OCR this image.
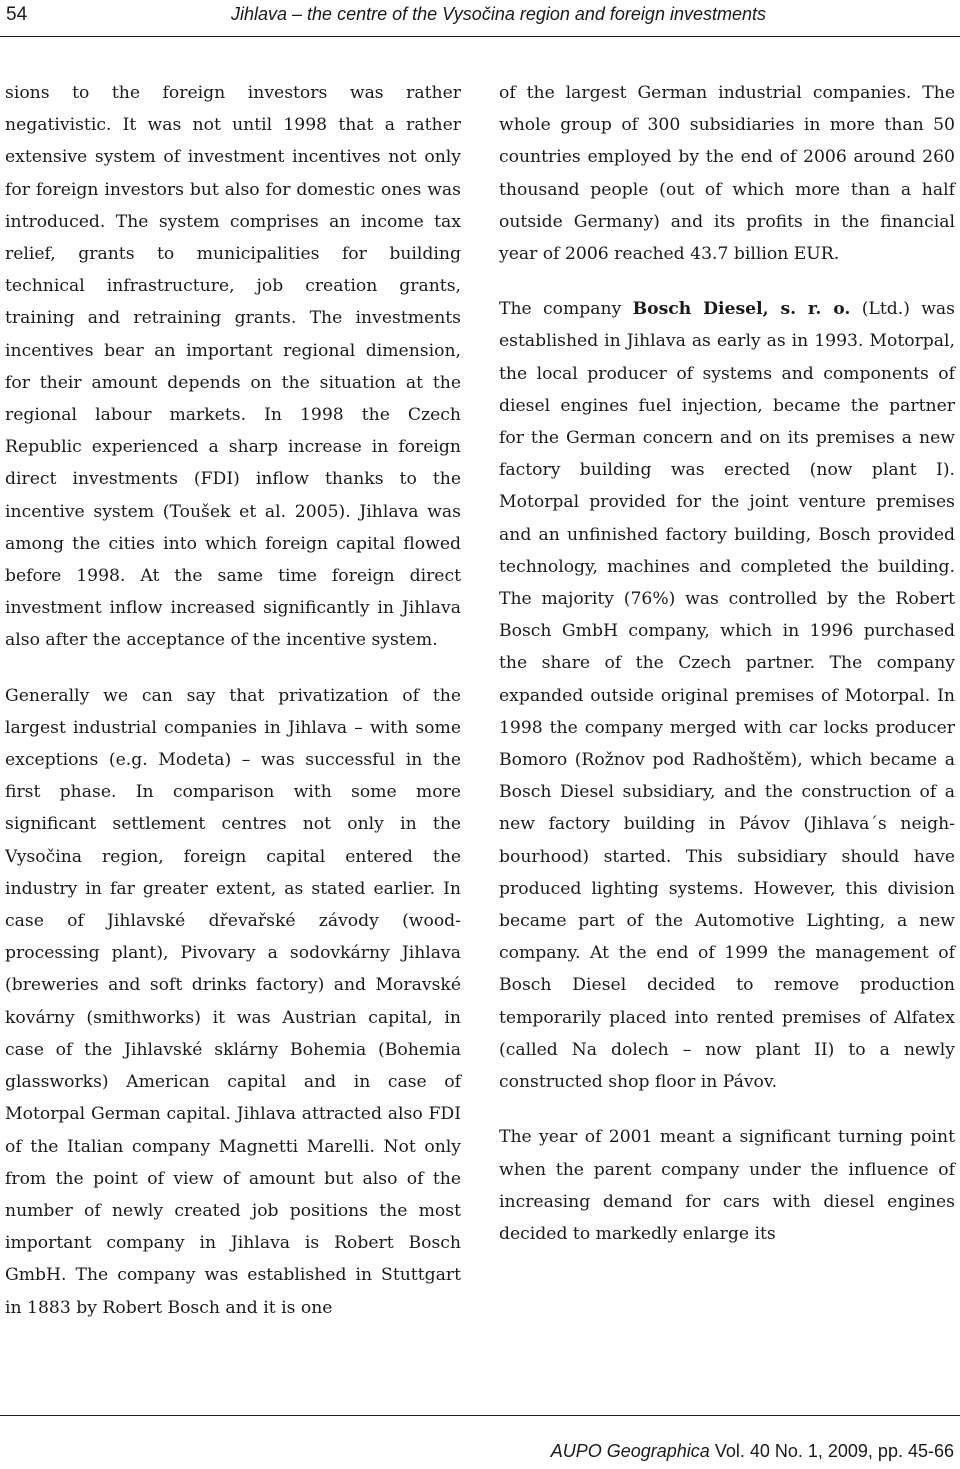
54	Jihlava – the centre of the Vysočina region and foreign investments

sions to the foreign investors was rather negativistic. It was not until 1998 that a rather extensive system of investment incentives not only for foreign investors but also for domestic ones was introduced. The system comprises an income tax relief, grants to municipalities for building technical infrastructure, job creation grants, training and retraining grants. The investments incentives bear an important regional dimension, for their amount depends on the situation at the regional labour markets. In 1998 the Czech Republic experienced a sharp increase in foreign direct investments (FDI) inflow thanks to the incentive system (Toušek et al. 2005). Jihlava was among the cities into which foreign capital flowed before 1998. At the same time foreign direct investment inflow increased significantly in Jihlava also after the acceptance of the incentive system.

Generally we can say that privatization of the largest industrial companies in Jihlava – with some exceptions (e.g. Modeta) – was successful in the first phase. In comparison with some more significant settlement centres not only in the Vysočina region, foreign capital entered the industry in far greater extent, as stated earlier. In case of Jihlavské dřevařské závody (wood-processing plant), Pivovary a sodovkárny Jihlava (breweries and soft drinks factory) and Moravské kovárny (smithworks) it was Austrian capital, in case of the Jihlavské sklárny Bohemia (Bohemia glassworks) American capital and in case of Motorpal German capital. Jihlava attracted also FDI of the Italian company Magnetti Marelli. Not only from the point of view of amount but also of the number of newly created job positions the most important company in Jihlava is Robert Bosch GmbH. The company was established in Stuttgart in 1883 by Robert Bosch and it is one

of the largest German industrial companies. The whole group of 300 subsidiaries in more than 50 countries employed by the end of 2006 around 260 thousand people (out of which more than a half outside Germany) and its profits in the financial year of 2006 reached 43.7 billion EUR.

The company Bosch Diesel, s. r. o. (Ltd.) was established in Jihlava as early as in 1993. Motorpal, the local producer of systems and components of diesel engines fuel injection, became the partner for the German concern and on its premises a new factory building was erected (now plant I). Motorpal provided for the joint venture premises and an unfinished factory building, Bosch provided technology, machines and completed the building. The majority (76%) was controlled by the Robert Bosch GmbH company, which in 1996 purchased the share of the Czech partner. The company expanded outside original premises of Motorpal. In 1998 the company merged with car locks producer Bomoro (Rožnov pod Radhoštěm), which became a Bosch Diesel subsidiary, and the construction of a new factory building in Pávov (Jihlava´s neigh-bourhood) started. This subsidiary should have produced lighting systems. However, this division became part of the Automotive Lighting, a new company. At the end of 1999 the management of Bosch Diesel decided to remove production temporarily placed into rented premises of Alfatex (called Na dolech – now plant II) to a newly constructed shop floor in Pávov.

The year of 2001 meant a significant turning point when the parent company under the influence of increasing demand for cars with diesel engines decided to markedly enlarge its

AUPO Geographica Vol. 40 No. 1, 2009, pp. 45-66
